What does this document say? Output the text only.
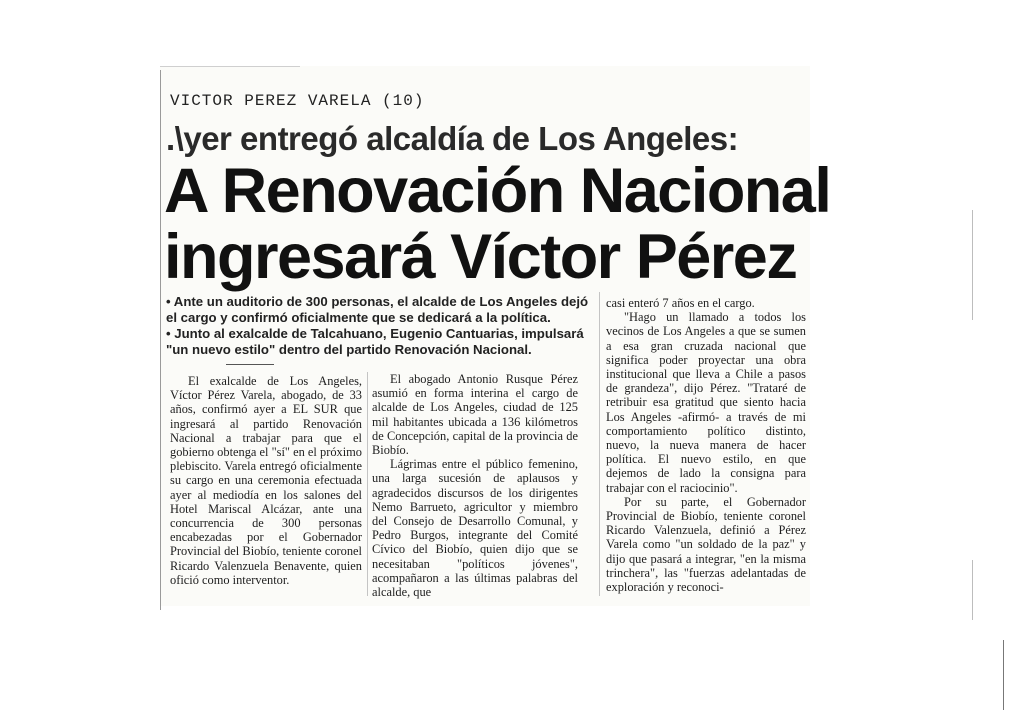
VICTOR PEREZ VARELA (10)
.\yer entregó alcaldía de Los Angeles:
A Renovación Nacional
ingresará Víctor Pérez

• Ante un auditorio de 300 personas, el alcalde de Los Angeles dejó el cargo y confirmó oficialmente que se dedicará a la política.

• Junto al exalcalde de Talcahuano, Eugenio Cantuarias, impulsará "un nuevo estilo" dentro del partido Renovación Nacional.

El exalcalde de Los Angeles, Víctor Pérez Varela, abogado, de 33 años, confirmó ayer a EL SUR que ingresará al partido Renovación Nacional a trabajar para que el gobierno obtenga el "sí" en el próximo plebiscito. Varela entregó oficialmente su cargo en una ceremonia efectuada ayer al mediodía en los salones del Hotel Mariscal Alcázar, ante una concurrencia de 300 personas encabezadas por el Gobernador Provincial del Biobío, teniente coronel Ricardo Valenzuela Benavente, quien ofició como interventor.

El abogado Antonio Rusque Pérez asumió en forma interina el cargo de alcalde de Los Angeles, ciudad de 125 mil habitantes ubicada a 136 kilómetros de Concepción, capital de la provincia de Biobío.

Lágrimas entre el público femenino, una larga sucesión de aplausos y agradecidos discursos de los dirigentes Nemo Barrueto, agricultor y miembro del Consejo de Desarrollo Comunal, y Pedro Burgos, integrante del Comité Cívico del Biobío, quien dijo que se necesitaban "políticos jóvenes", acompañaron a las últimas palabras del alcalde, que

casi enteró 7 años en el cargo.

"Hago un llamado a todos los vecinos de Los Angeles a que se sumen a esa gran cruzada nacional que significa poder proyectar una obra institucional que lleva a Chile a pasos de grandeza", dijo Pérez. "Trataré de retribuir esa gratitud que siento hacia Los Angeles -afirmó- a través de mi comportamiento político distinto, nuevo, la nueva manera de hacer política. El nuevo estilo, en que dejemos de lado la consigna para trabajar con el raciocinio".

Por su parte, el Gobernador Provincial de Biobío, teniente coronel Ricardo Valenzuela, definió a Pérez Varela como "un soldado de la paz" y dijo que pasará a integrar, "en la misma trinchera", las "fuerzas adelantadas de exploración y reconoci-
